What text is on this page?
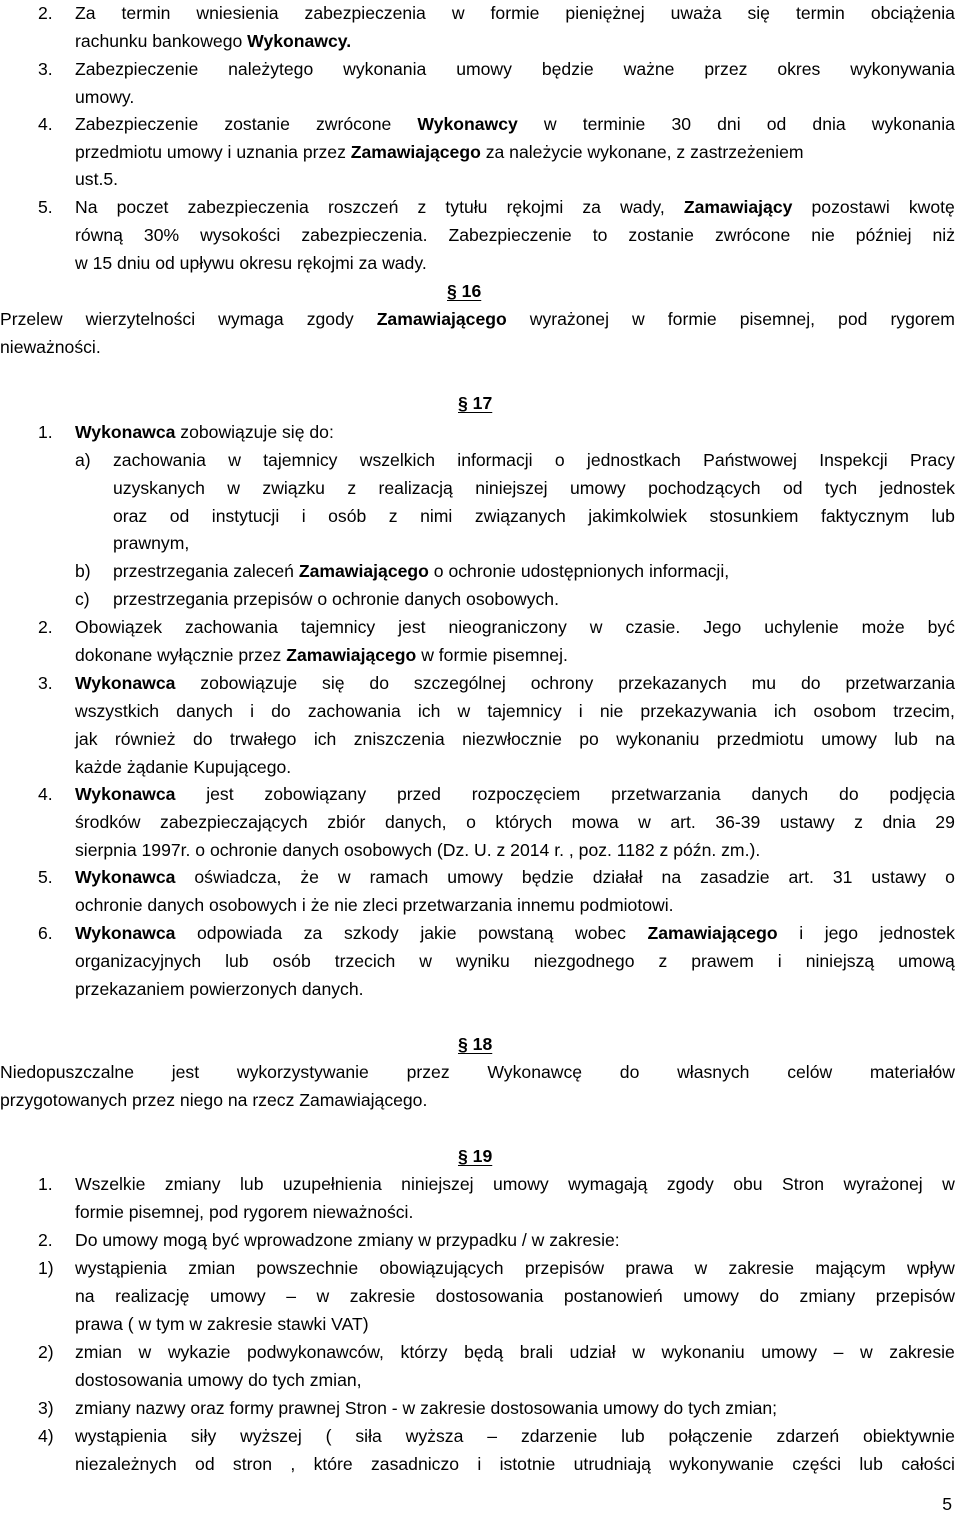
2. Za termin wniesienia zabezpieczenia w formie pieniężnej uważa się termin obciążenia
rachunku bankowego Wykonawcy.
3. Zabezpieczenie należytego wykonania umowy będzie ważne przez okres wykonywania
umowy.
4. Zabezpieczenie zostanie zwrócone Wykonawcy w terminie 30 dni od dnia wykonania
przedmiotu umowy i uznania przez Zamawiającego za należycie wykonane, z zastrzeżeniem
ust.5.
5. Na poczet zabezpieczenia roszczeń z tytułu rękojmi za wady, Zamawiający pozostawi kwotę
równą 30% wysokości zabezpieczenia. Zabezpieczenie to zostanie zwrócone nie później niż
w 15 dniu od upływu okresu rękojmi za wady.
§ 16
Przelew wierzytelności wymaga zgody Zamawiającego wyrażonej w formie pisemnej, pod rygorem
nieważności.
§ 17
1. Wykonawca zobowiązuje się do:
a) zachowania w tajemnicy wszelkich informacji o jednostkach Państwowej Inspekcji Pracy
uzyskanych w związku z realizacją niniejszej umowy pochodzących od tych jednostek
oraz od instytucji i osób z nimi związanych jakimkolwiek stosunkiem faktycznym lub
prawnym,
b) przestrzegania zaleceń Zamawiającego o ochronie udostępnionych informacji,
c) przestrzegania przepisów o ochronie danych osobowych.
2. Obowiązek zachowania tajemnicy jest nieograniczony w czasie. Jego uchylenie może być
dokonane wyłącznie przez Zamawiającego w formie pisemnej.
3. Wykonawca zobowiązuje się do szczególnej ochrony przekazanych mu do przetwarzania
wszystkich danych i do zachowania ich w tajemnicy i nie przekazywania ich osobom trzecim,
jak również do trwałego ich zniszczenia niezwłocznie po wykonaniu przedmiotu umowy lub na
każde żądanie Kupującego.
4. Wykonawca jest zobowiązany przed rozpoczęciem przetwarzania danych do podjęcia
środków zabezpieczających zbiór danych, o których mowa w art. 36-39 ustawy z dnia 29
sierpnia 1997r. o ochronie danych osobowych (Dz. U. z 2014 r. , poz. 1182 z późn. zm.).
5. Wykonawca oświadcza, że w ramach umowy będzie działał na zasadzie art. 31 ustawy o
ochronie danych osobowych i że nie zleci przetwarzania innemu podmiotowi.
6. Wykonawca odpowiada za szkody jakie powstaną wobec Zamawiającego i jego jednostek
organizacyjnych lub osób trzecich w wyniku niezgodnego z prawem i niniejszą umową
przekazaniem powierzonych danych.
§ 18
Niedopuszczalne jest wykorzystywanie przez Wykonawcę do własnych celów materiałów
przygotowanych przez niego na rzecz Zamawiającego.
§ 19
1. Wszelkie zmiany lub uzupełnienia niniejszej umowy wymagają zgody obu Stron wyrażonej w
formie pisemnej, pod rygorem nieważności.
2. Do umowy mogą być wprowadzone zmiany w przypadku / w zakresie:
1) wystąpienia zmian powszechnie obowiązujących przepisów prawa w zakresie mającym wpływ
na realizację umowy – w zakresie dostosowania postanowień umowy do zmiany przepisów
prawa ( w tym w zakresie stawki VAT)
2) zmian w wykazie podwykonawców, którzy będą brali udział w wykonaniu umowy – w zakresie
dostosowania umowy do tych zmian,
3) zmiany nazwy oraz formy prawnej Stron - w zakresie dostosowania umowy do tych zmian;
4) wystąpienia siły wyższej ( siła wyższa – zdarzenie lub połączenie zdarzeń obiektywnie
niezależnych od stron , które zasadniczo i istotnie utrudniają wykonywanie części lub całości
5
